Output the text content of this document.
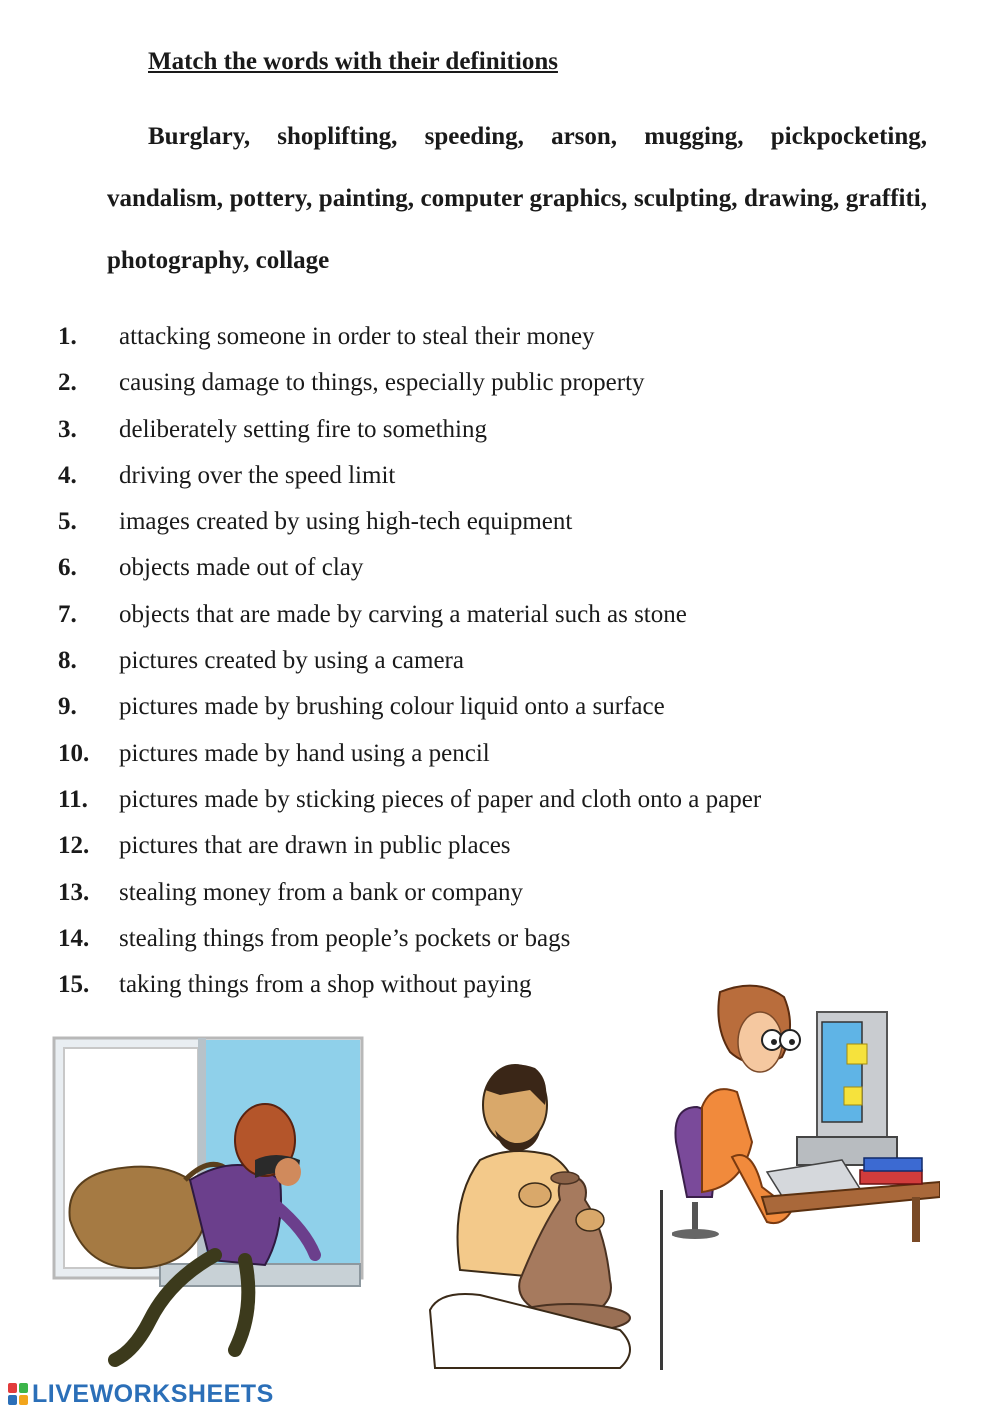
Match the words with their definitions
Burglary, shoplifting, speeding, arson, mugging, pickpocketing, vandalism, pottery, painting, computer graphics, sculpting, drawing, graffiti, photography, collage
1. attacking someone in order to steal their money
2. causing damage to things, especially public property
3. deliberately setting fire to something
4. driving over the speed limit
5. images created by using high-tech equipment
6. objects made out of clay
7. objects that are made by carving a material such as stone
8. pictures created by using a camera
9. pictures made by brushing colour liquid onto a surface
10. pictures made by hand using a pencil
11. pictures made by sticking pieces of paper and cloth onto a paper
12. pictures that are drawn in public places
13. stealing money from a bank or company
14. stealing things from people’s pockets or bags
15. taking things from a shop without paying
LIVEWORKSHEETS
